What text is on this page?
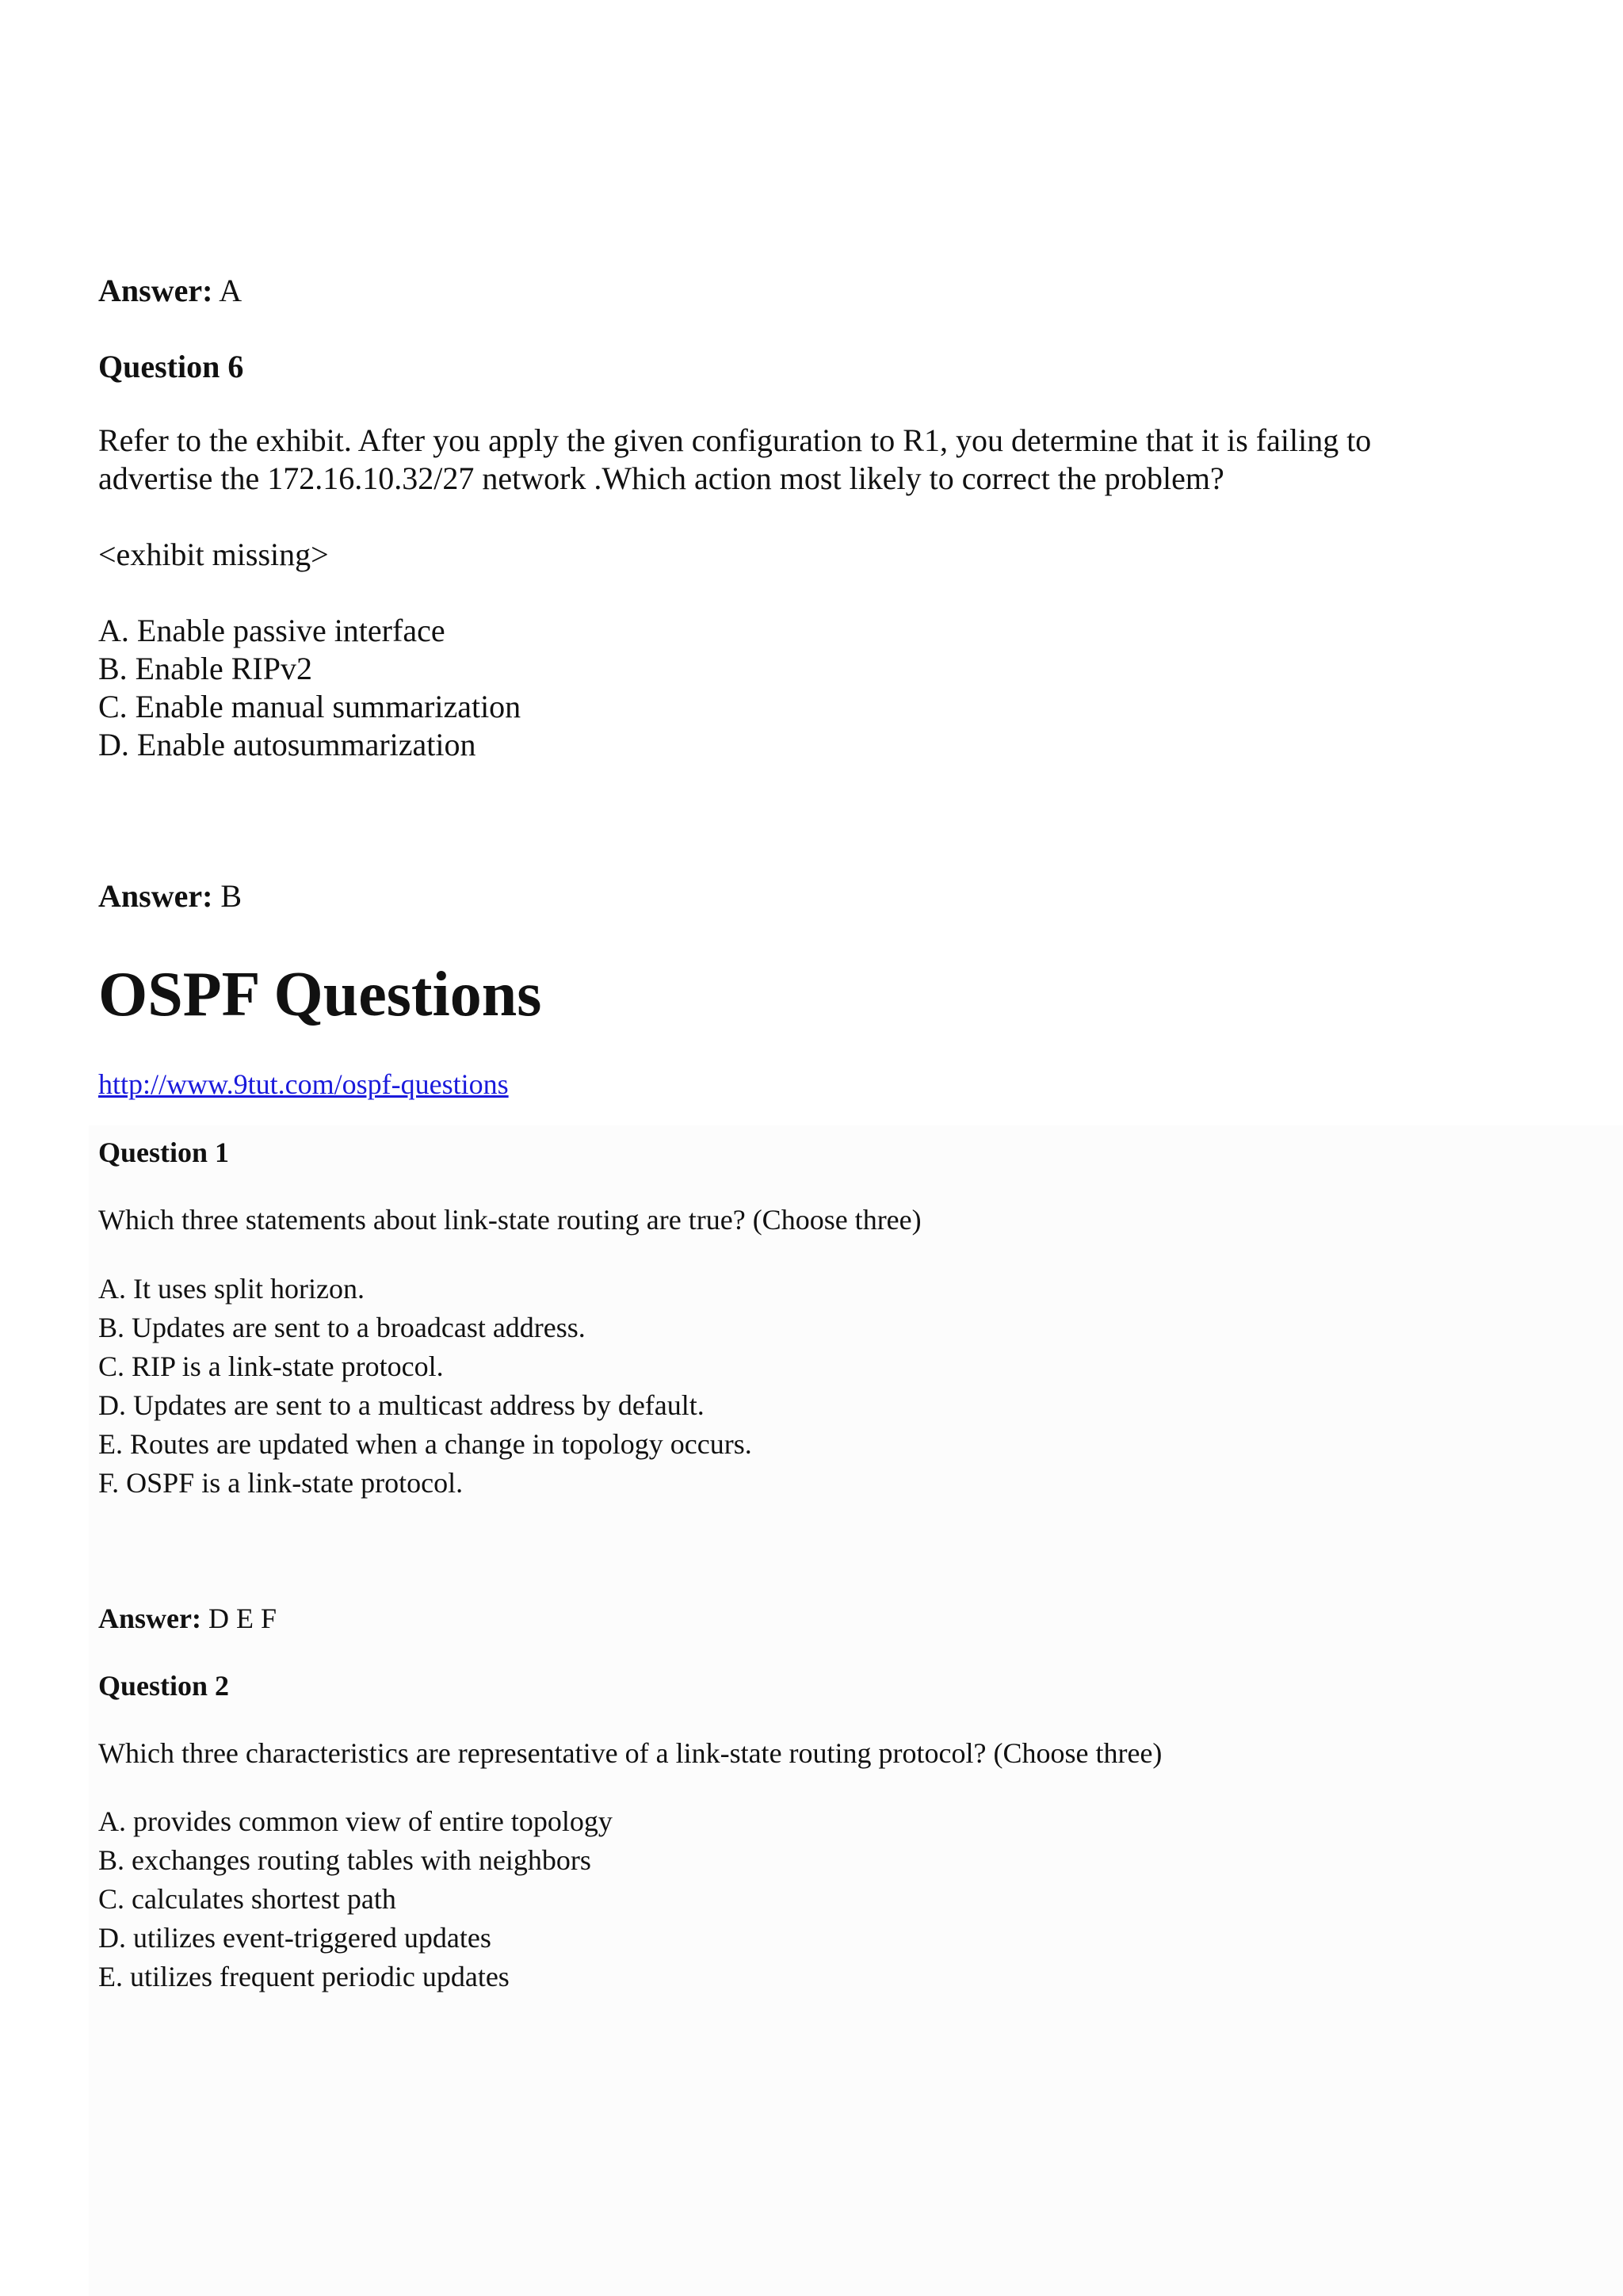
Answer: A
Question 6
Refer to the exhibit. After you apply the given configuration to R1, you determine that it is failing to
advertise the 172.16.10.32/27 network .Which action most likely to correct the problem?
<exhibit missing>
A. Enable passive interface
B. Enable RIPv2
C. Enable manual summarization
D. Enable autosummarization
Answer: B
OSPF Questions
http://www.9tut.com/ospf-questions
Question 1
Which three statements about link-state routing are true? (Choose three)
A. It uses split horizon.
B. Updates are sent to a broadcast address.
C. RIP is a link-state protocol.
D. Updates are sent to a multicast address by default.
E. Routes are updated when a change in topology occurs.
F. OSPF is a link-state protocol.
Answer: D E F
Question 2
Which three characteristics are representative of a link-state routing protocol? (Choose three)
A. provides common view of entire topology
B. exchanges routing tables with neighbors
C. calculates shortest path
D. utilizes event-triggered updates
E. utilizes frequent periodic updates
